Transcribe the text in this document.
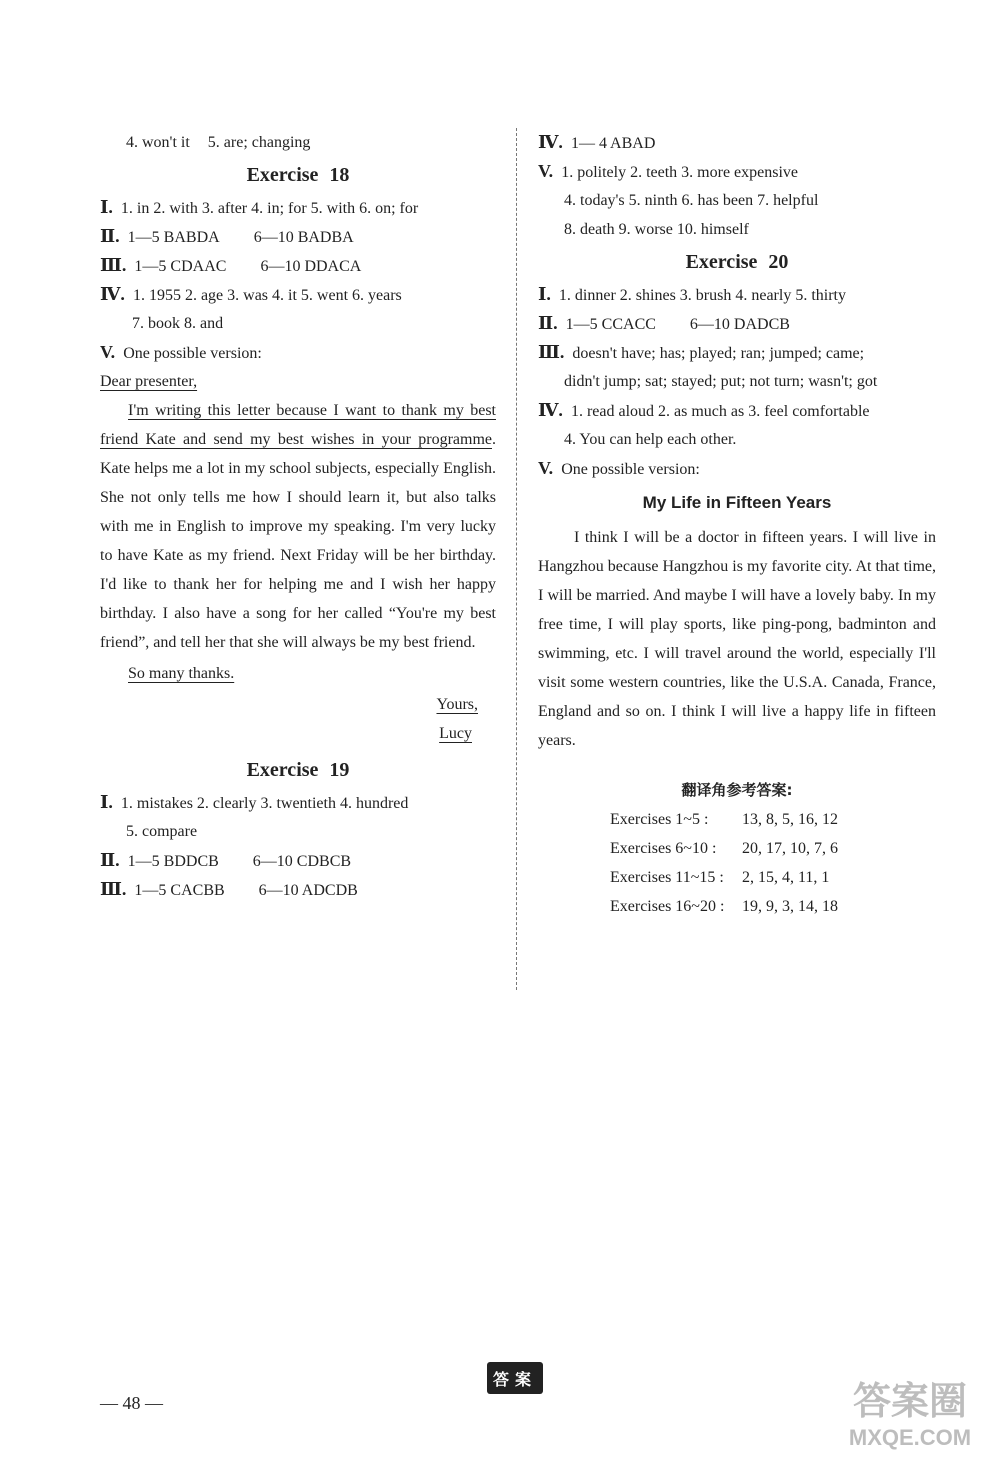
4. won't it 5. are; changing
Exercise 18
Ⅰ. 1. in 2. with 3. after 4. in; for 5. with 6. on; for
Ⅱ. 1—5 BABDA 6—10 BADBA
Ⅲ. 1—5 CDAAC 6—10 DDACA
Ⅳ. 1. 1955 2. age 3. was 4. it 5. went 6. years
7. book 8. and
V. One possible version:
Dear presenter,
I'm writing this letter because I want to thank my best friend Kate and send my best wishes in your programme. Kate helps me a lot in my school subjects, especially English. She not only tells me how I should learn it, but also talks with me in English to improve my speaking. I'm very lucky to have Kate as my friend. Next Friday will be her birthday. I'd like to thank her for helping me and I wish her happy birthday. I also have a song for her called “You're my best friend”, and tell her that she will always be my best friend.
So many thanks.
Yours,
Lucy
Exercise 19
Ⅰ. 1. mistakes 2. clearly 3. twentieth 4. hundred
5. compare
Ⅱ. 1—5 BDDCB 6—10 CDBCB
Ⅲ. 1—5 CACBB 6—10 ADCDB
Ⅳ. 1— 4 ABAD
V. 1. politely 2. teeth 3. more expensive
4. today's 5. ninth 6. has been 7. helpful
8. death 9. worse 10. himself
Exercise 20
Ⅰ. 1. dinner 2. shines 3. brush 4. nearly 5. thirty
Ⅱ. 1—5 CCACC 6—10 DADCB
Ⅲ. doesn't have; has; played; ran; jumped; came;
didn't jump; sat; stayed; put; not turn; wasn't; got
Ⅳ. 1. read aloud 2. as much as 3. feel comfortable
4. You can help each other.
V. One possible version:
My Life in Fifteen Years
I think I will be a doctor in fifteen years. I will live in Hangzhou because Hangzhou is my favorite city. At that time, I will be married. And maybe I will have a lovely baby. In my free time, I will play sports, like ping-pong, badminton and swimming, etc. I will travel around the world, especially I'll visit some western countries, like the U.S.A. Canada, France, England and so on. I think I will live a happy life in fifteen years.
翻译角参考答案:
Exercises 1~5 : 13, 8, 5, 16, 12
Exercises 6~10 : 20, 17, 10, 7, 6
Exercises 11~15 : 2, 15, 4, 11, 1
Exercises 16~20 : 19, 9, 3, 14, 18
— 48 —
答案
答案圈
MXQE.COM
